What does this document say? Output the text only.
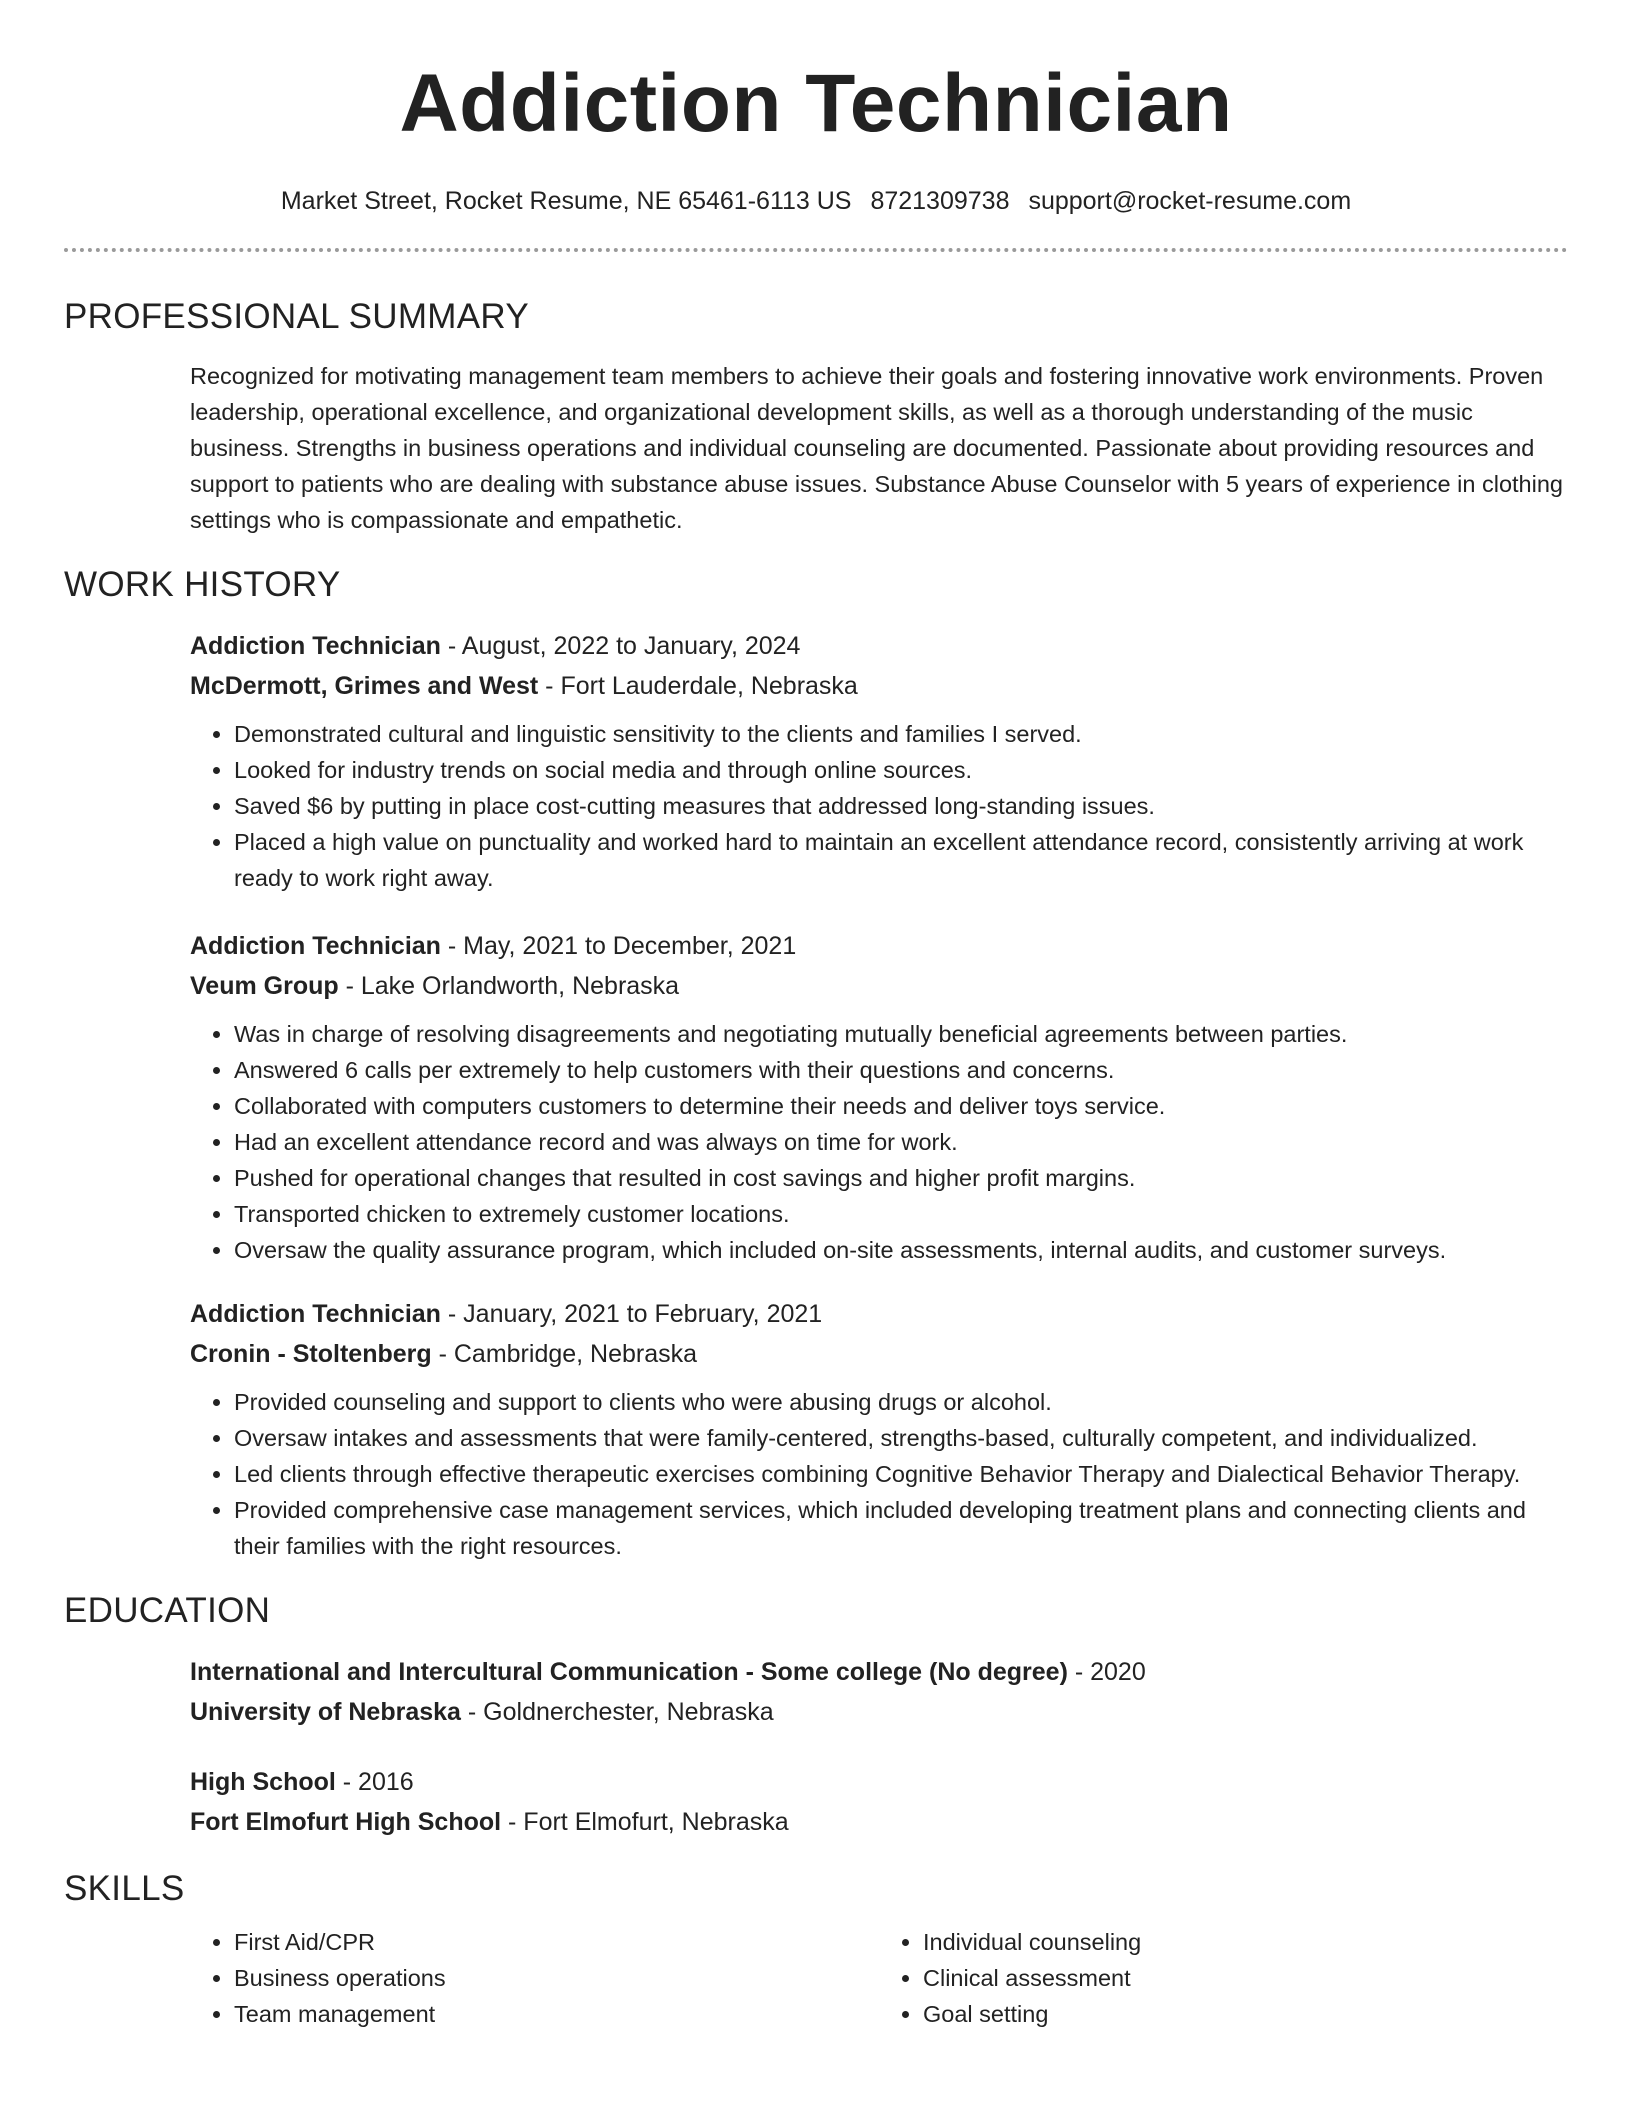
Addiction Technician
Market Street, Rocket Resume, NE 65461-6113 US 8721309738 support@rocket-resume.com
PROFESSIONAL SUMMARY

Recognized for motivating management team members to achieve their goals and fostering innovative work environments. Proven leadership, operational excellence, and organizational development skills, as well as a thorough understanding of the music business. Strengths in business operations and individual counseling are documented. Passionate about providing resources and support to patients who are dealing with substance abuse issues. Substance Abuse Counselor with 5 years of experience in clothing settings who is compassionate and empathetic.

WORK HISTORY
Addiction Technician - August, 2022 to January, 2024
McDermott, Grimes and West - Fort Lauderdale, Nebraska
• Demonstrated cultural and linguistic sensitivity to the clients and families I served.
• Looked for industry trends on social media and through online sources.
• Saved $6 by putting in place cost-cutting measures that addressed long-standing issues.
• Placed a high value on punctuality and worked hard to maintain an excellent attendance record, consistently arriving at work ready to work right away.
Addiction Technician - May, 2021 to December, 2021
Veum Group - Lake Orlandworth, Nebraska
• Was in charge of resolving disagreements and negotiating mutually beneficial agreements between parties.
• Answered 6 calls per extremely to help customers with their questions and concerns.
• Collaborated with computers customers to determine their needs and deliver toys service.
• Had an excellent attendance record and was always on time for work.
• Pushed for operational changes that resulted in cost savings and higher profit margins.
• Transported chicken to extremely customer locations.
• Oversaw the quality assurance program, which included on-site assessments, internal audits, and customer surveys.
Addiction Technician - January, 2021 to February, 2021
Cronin - Stoltenberg - Cambridge, Nebraska
• Provided counseling and support to clients who were abusing drugs or alcohol.
• Oversaw intakes and assessments that were family-centered, strengths-based, culturally competent, and individualized.
• Led clients through effective therapeutic exercises combining Cognitive Behavior Therapy and Dialectical Behavior Therapy.
• Provided comprehensive case management services, which included developing treatment plans and connecting clients and their families with the right resources.
EDUCATION
International and Intercultural Communication - Some college (No degree) - 2020
University of Nebraska - Goldnerchester, Nebraska
High School - 2016
Fort Elmofurt High School - Fort Elmofurt, Nebraska
SKILLS
• First Aid/CPR
• Business operations
• Team management
• Individual counseling
• Clinical assessment
• Goal setting
